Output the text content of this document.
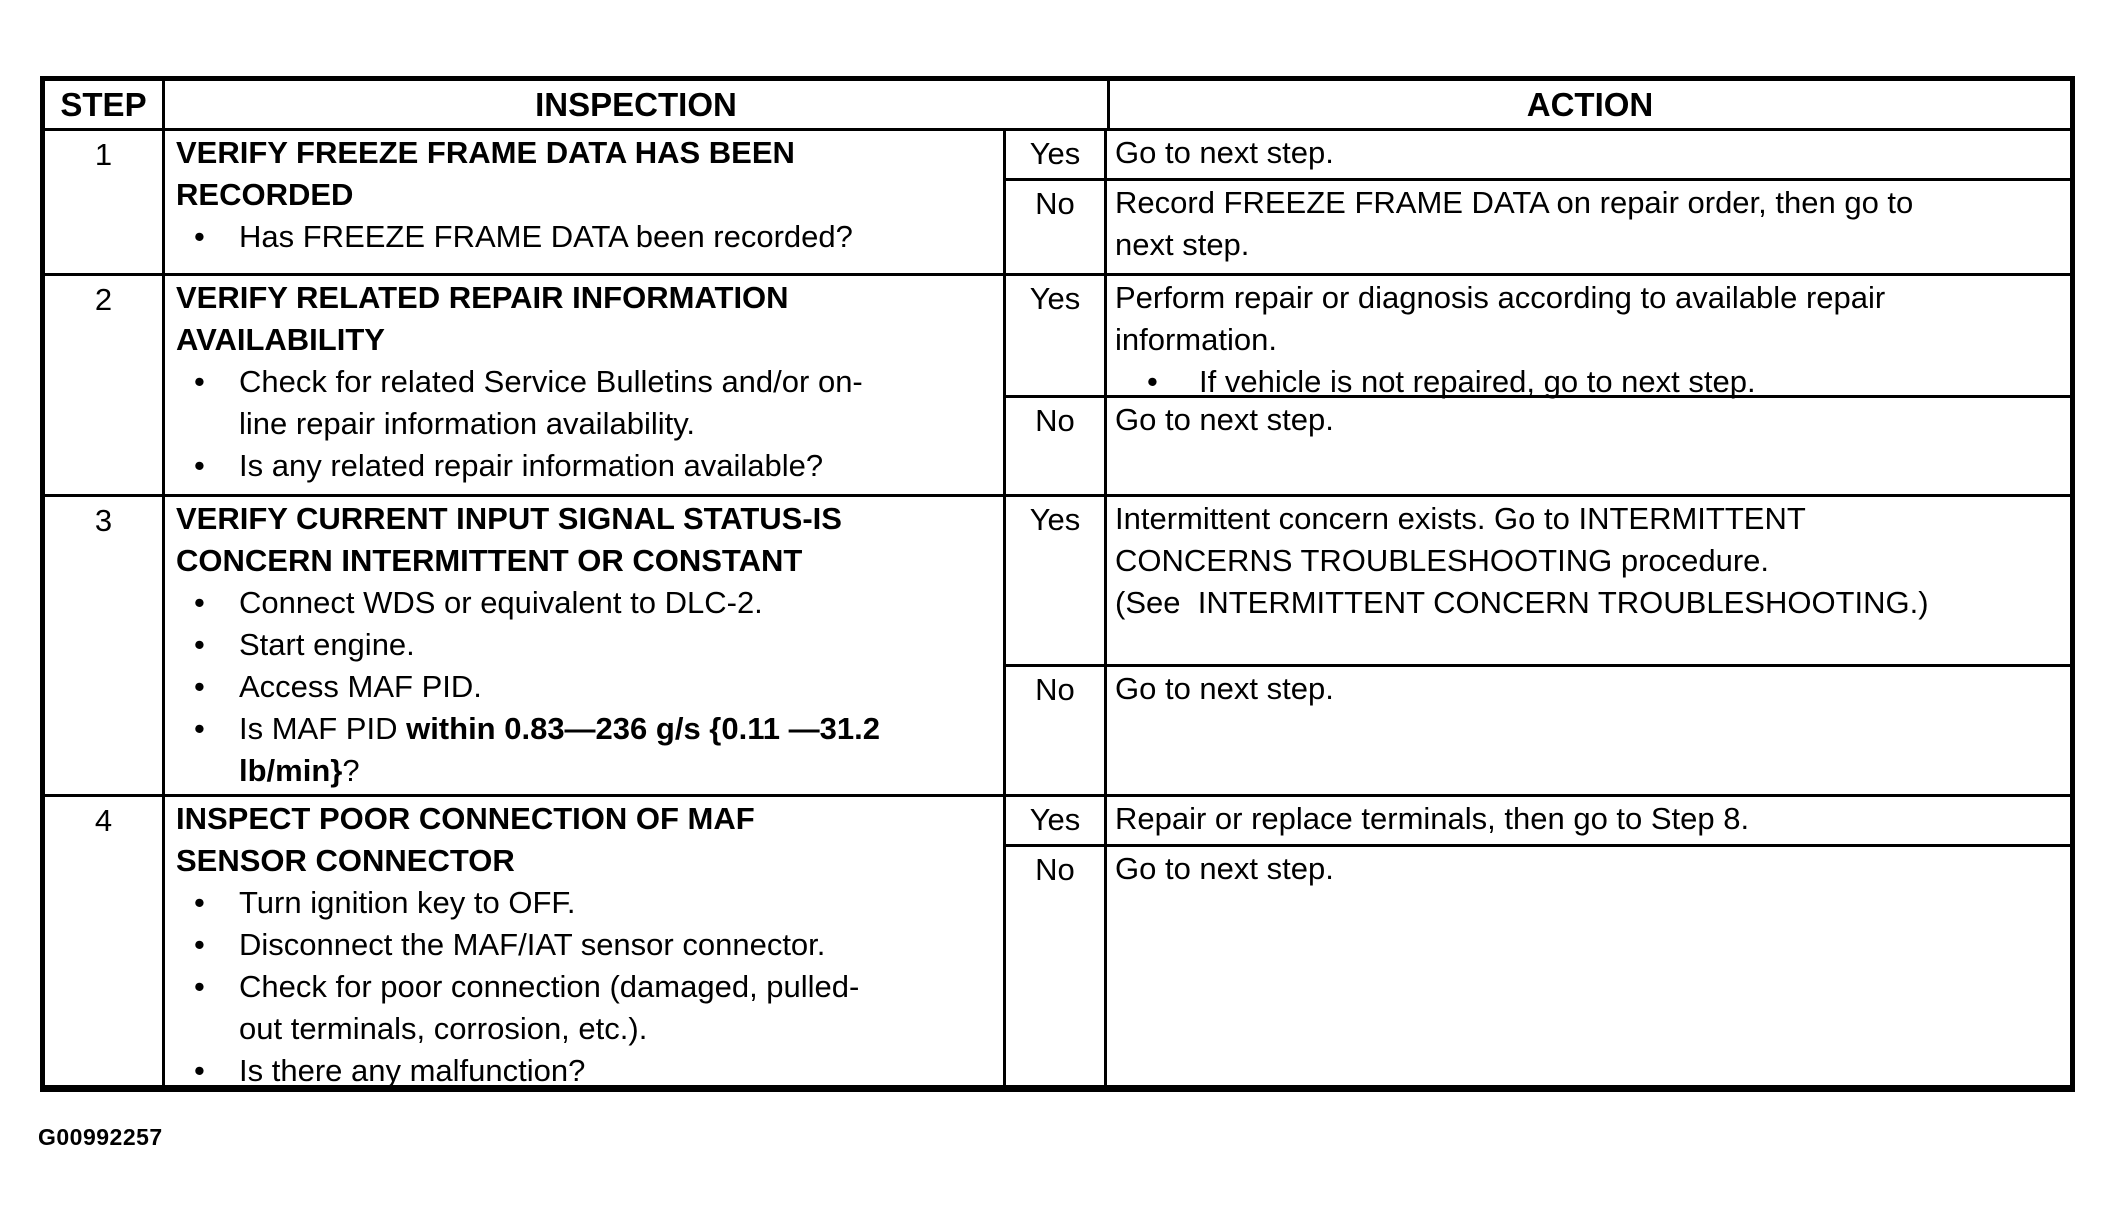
STEP	INSPECTION	ACTION
1	VERIFY FREEZE FRAME DATA HAS BEEN
RECORDED
•	Has FREEZE FRAME DATA been recorded?
Yes	Go to next step.
No	Record FREEZE FRAME DATA on repair order, then go to
next step.
2	VERIFY RELATED REPAIR INFORMATION
AVAILABILITY
•	Check for related Service Bulletins and/or on-
line repair information availability.
•	Is any related repair information available?
Yes	Perform repair or diagnosis according to available repair
information.
•	If vehicle is not repaired, go to next step.
No	Go to next step.
3	VERIFY CURRENT INPUT SIGNAL STATUS-IS
CONCERN INTERMITTENT OR CONSTANT
•	Connect WDS or equivalent to DLC-2.
•	Start engine.
•	Access MAF PID.
•	Is MAF PID within 0.83—236 g/s {0.11 —31.2
lb/min}?
Yes	Intermittent concern exists. Go to INTERMITTENT
CONCERNS TROUBLESHOOTING procedure.
(See  INTERMITTENT CONCERN TROUBLESHOOTING.)
No	Go to next step.
4	INSPECT POOR CONNECTION OF MAF
SENSOR CONNECTOR
•	Turn ignition key to OFF.
•	Disconnect the MAF/IAT sensor connector.
•	Check for poor connection (damaged, pulled-
out terminals, corrosion, etc.).
•	Is there any malfunction?
Yes	Repair or replace terminals, then go to Step 8.
No	Go to next step.
G00992257
